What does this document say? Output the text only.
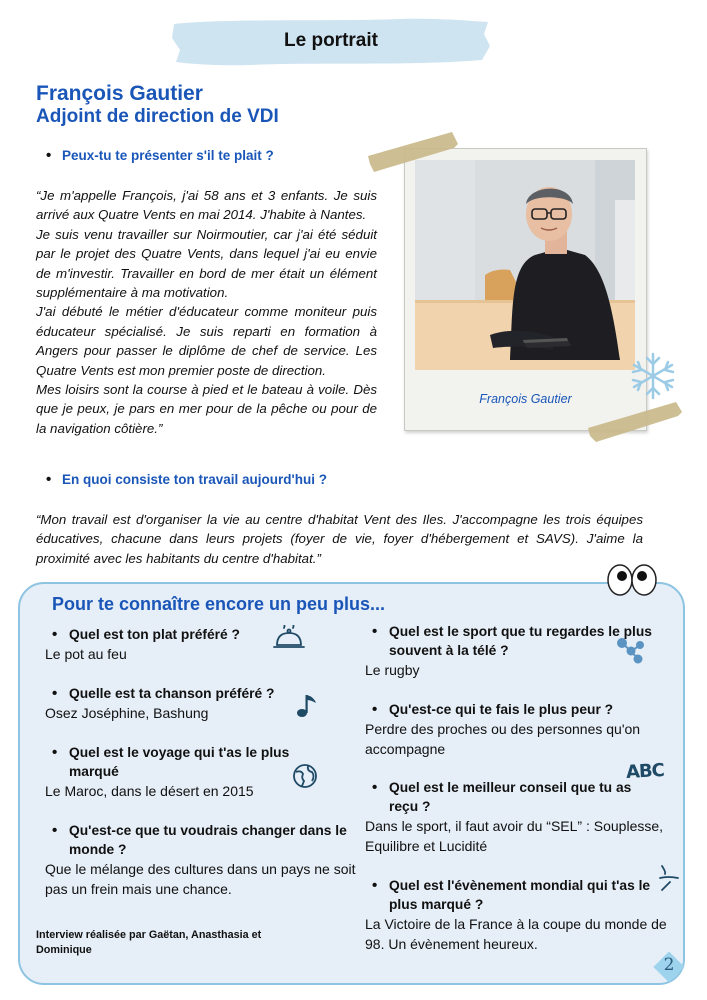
Le portrait
François Gautier
Adjoint de direction de VDI
• Peux-tu te présenter s'il te plait ?

“Je m'appelle François, j'ai 58 ans et 3 enfants. Je suis arrivé aux Quatre Vents en mai 2014. J'habite à Nantes.

Je suis venu travailler sur Noirmoutier, car j'ai été séduit par le projet des Quatre Vents, dans lequel j'ai eu envie de m'investir. Travailler en bord de mer était un élément supplémentaire à ma motivation.

J'ai débuté le métier d'éducateur comme moniteur puis éducateur spécialisé. Je suis reparti en formation à Angers pour passer le diplôme de chef de service. Les Quatre Vents est mon premier poste de direction.

Mes loisirs sont la course à pied et le bateau à voile. Dès que je peux, je pars en mer pour de la pêche ou pour de la navigation côtière.”

• En quoi consiste ton travail aujourd'hui ?
“Mon travail est d'organiser la vie au centre d'habitat Vent des Iles. J'accompagne les trois équipes éducatives, chacune dans leurs projets (foyer de vie, foyer d'hébergement et SAVS). J'aime la proximité avec les habitants du centre d'habitat.”
François Gautier
Pour te connaître encore un peu plus...
• Quel est ton plat préféré ?
Le pot au feu
• Quelle est ta chanson préféré ?
Osez Joséphine, Bashung
• Quel est le voyage qui t'as le plus marqué
Le Maroc, dans le désert en 2015
• Qu'est-ce que tu voudrais changer dans le monde ?
Que le mélange des cultures dans un pays ne soit pas un frein mais une chance.
• Quel est le sport que tu regardes le plus souvent à la télé ?
Le rugby
• Qu'est-ce qui te fais le plus peur ?
Perdre des proches ou des personnes qu'on accompagne
• Quel est le meilleur conseil que tu as reçu ?
Dans le sport, il faut avoir du “SEL” : Souplesse, Equilibre et Lucidité
• Quel est l'évènement mondial qui t'as le plus marqué ?
La Victoire de la France à la coupe du monde de 98. Un évènement heureux.
ABC
Interview réalisée par Gaëtan, Anasthasia et Dominique
2
